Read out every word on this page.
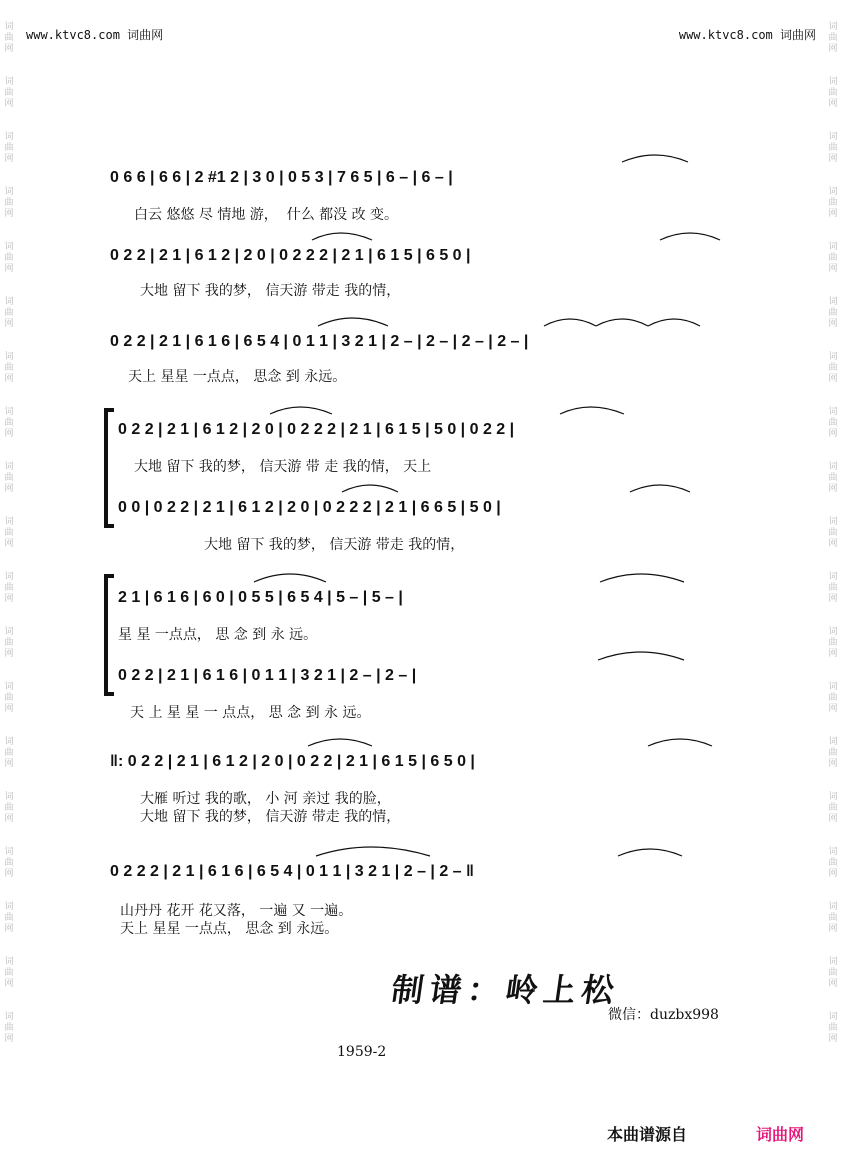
词
曲
网
词
曲
网
词
曲
网
词
曲
网
词
曲
网
词
曲
网
词
曲
网
词
曲
网
词
曲
网
词
曲
网
词
曲
网
词
曲
网
词
曲
网
词
曲
网
词
曲
网
词
曲
网
词
曲
网
词
曲
网
词
曲
网
词
曲
网
词
曲
网
词
曲
网
词
曲
网
词
曲
网
词
曲
网
词
曲
网
词
曲
网
词
曲
网
词
曲
网
词
曲
网
词
曲
网
词
曲
网
词
曲
网
词
曲
网
词
曲
网
词
曲
网
词
曲
网
词
曲
网
www.ktvc8.com 词曲网	www.ktvc8.com 词曲网
0 6 6 | 6 6 | 2 #1 2 | 3 0 | 0 5 3 | 7 6 5 | 6 – | 6 – |
白云 悠悠 尽 情地 游，  什么 都没 改 变。
0 2 2 | 2 1 | 6 1 2 | 2 0 | 0 2 2 2 | 2 1 | 6 1 5 | 6 5 0 |
大地 留下 我的梦， 信天游 带走 我的情，
0 2 2 | 2 1 | 6 1 6 | 6 5 4 | 0 1 1 | 3 2 1 | 2 – | 2 – | 2 – | 2 – |
天上 星星 一点点， 思念 到 永远。
0 2 2 | 2 1 | 6 1 2 | 2 0 | 0 2 2 2 | 2 1 | 6 1 5 | 5 0 | 0 2 2 |
大地 留下 我的梦， 信天游 带 走 我的情， 天上
0 0 | 0 2 2 | 2 1 | 6 1 2 | 2 0 | 0 2 2 2 | 2 1 | 6 6 5 | 5 0 |
大地 留下 我的梦， 信天游 带走 我的情，
2 1 | 6 1 6 | 6 0 | 0 5 5 | 6 5 4 | 5 – | 5 – |
星 星 一点点， 思 念 到 永 远。
0 2 2 | 2 1 | 6 1 6 | 0 1 1 | 3 2 1 | 2 – | 2 – |
天 上 星 星 一 点点， 思 念 到 永 远。
‖: 0 2 2 | 2 1 | 6 1 2 | 2 0 | 0 2 2 | 2 1 | 6 1 5 | 6 5 0 |
大雁 听过 我的歌， 小 河 亲过 我的脸，
大地 留下 我的梦， 信天游 带走 我的情，
0 2 2 2 | 2 1 | 6 1 6 | 6 5 4 | 0 1 1 | 3 2 1 | 2 – | 2 – ‖
山丹丹 花开 花又落， 一遍 又 一遍。
天上 星星 一点点， 思念 到 永远。
制谱：岭上松
微信：duzbx998
1959-2
本曲谱源自	词曲网
